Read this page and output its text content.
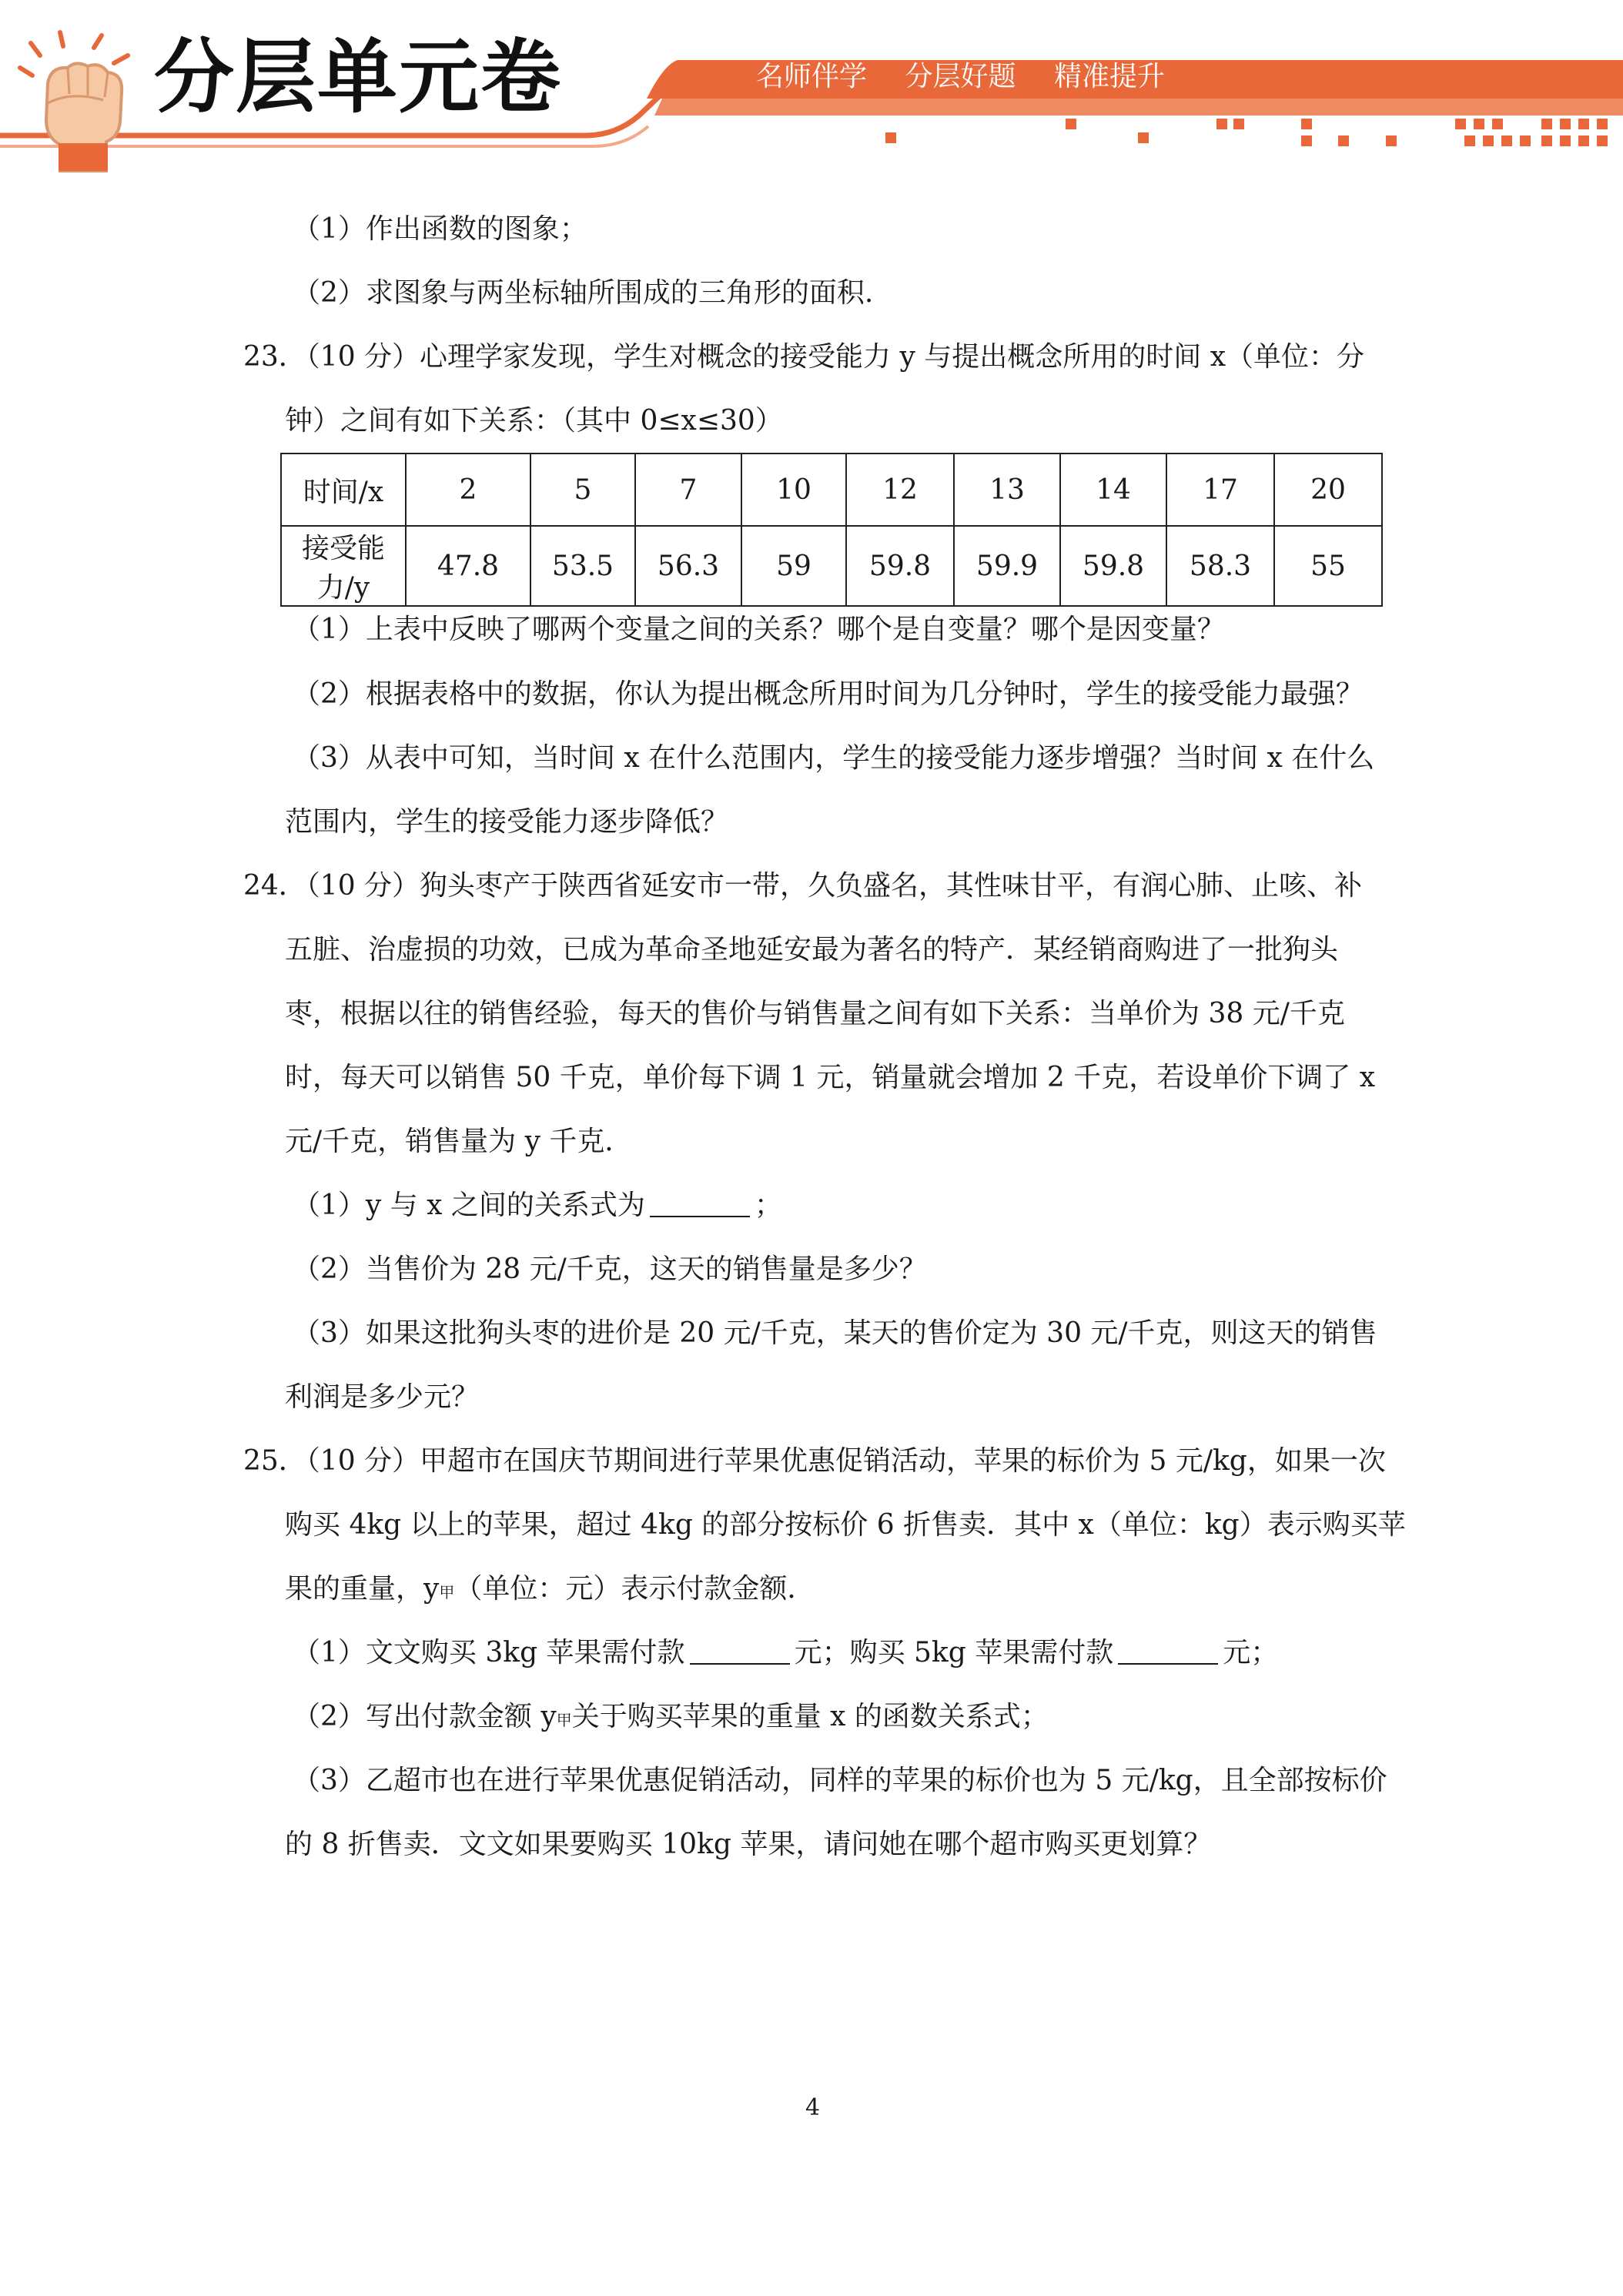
分层单元卷	名师伴学 分层好题 精准提升
（1）作出函数的图象；
（2）求图象与两坐标轴所围成的三角形的面积.
23．（10 分）心理学家发现，学生对概念的接受能力 y 与提出概念所用的时间 x（单位：分
钟）之间有如下关系：（其中 0≤x≤30）
时间/x	2	5	7	10	12	13	14	17	20
接受能力/y	47.8	53.5	56.3	59	59.8	59.9	59.8	58.3	55
（1）上表中反映了哪两个变量之间的关系？哪个是自变量？哪个是因变量？
（2）根据表格中的数据，你认为提出概念所用时间为几分钟时，学生的接受能力最强？
（3）从表中可知，当时间 x 在什么范围内，学生的接受能力逐步增强？当时间 x 在什么
范围内，学生的接受能力逐步降低？
24．（10 分）狗头枣产于陕西省延安市一带，久负盛名，其性味甘平，有润心肺、止咳、补
五脏、治虚损的功效，已成为革命圣地延安最为著名的特产．某经销商购进了一批狗头
枣，根据以往的销售经验，每天的售价与销售量之间有如下关系：当单价为 38 元/千克
时，每天可以销售 50 千克，单价每下调 1 元，销量就会增加 2 千克，若设单价下调了 x
元/千克，销售量为 y 千克．
（1）y 与 x 之间的关系式为	；
（2）当售价为 28 元/千克，这天的销售量是多少？
（3）如果这批狗头枣的进价是 20 元/千克，某天的售价定为 30 元/千克，则这天的销售
利润是多少元？
25．（10 分）甲超市在国庆节期间进行苹果优惠促销活动，苹果的标价为 5 元/kg，如果一次
购买 4kg 以上的苹果，超过 4kg 的部分按标价 6 折售卖．其中 x（单位：kg）表示购买苹
果的重量，y甲（单位：元）表示付款金额．
（1）文文购买 3kg 苹果需付款	元；购买 5kg 苹果需付款	元；
（2）写出付款金额 y甲关于购买苹果的重量 x 的函数关系式；
（3）乙超市也在进行苹果优惠促销活动，同样的苹果的标价也为 5 元/kg，且全部按标价
的 8 折售卖．文文如果要购买 10kg 苹果，请问她在哪个超市购买更划算？
4
